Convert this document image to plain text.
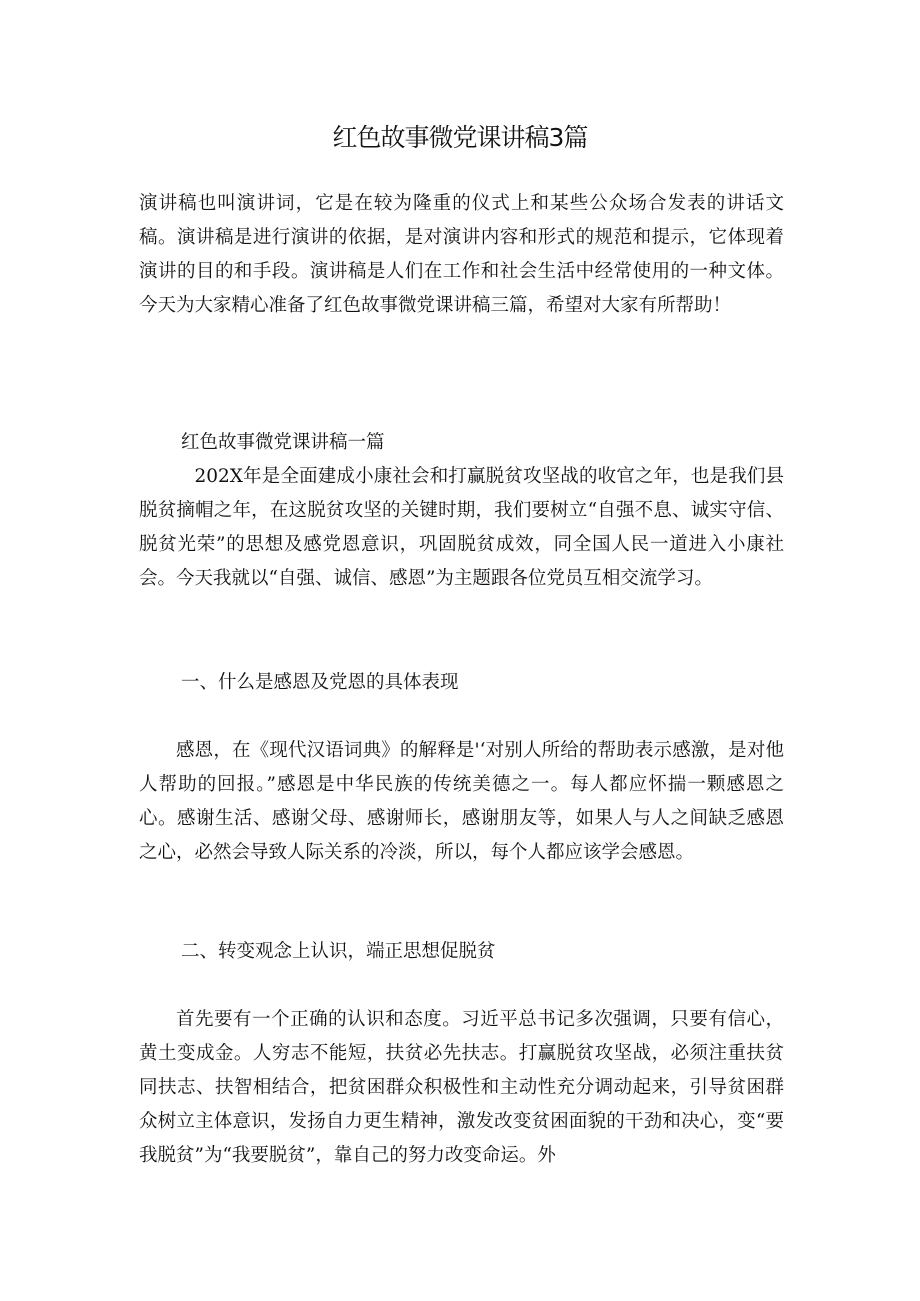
红色故事微党课讲稿3篇

演讲稿也叫演讲词，它是在较为隆重的仪式上和某些公众场合发表的讲话文稿。演讲稿是进行演讲的依据，是对演讲内容和形式的规范和提示，它体现着演讲的目的和手段。演讲稿是人们在工作和社会生活中经常使用的一种文体。今天为大家精心准备了红色故事微党课讲稿三篇，希望对大家有所帮助！

红色故事微党课讲稿一篇

202X年是全面建成小康社会和打赢脱贫攻坚战的收官之年，也是我们县脱贫摘帽之年，在这脱贫攻坚的关键时期，我们要树立“自强不息、诚实守信、脱贫光荣”的思想及感党恩意识，巩固脱贫成效，同全国人民一道进入小康社会。今天我就以“自强、诚信、感恩”为主题跟各位党员互相交流学习。

一、什么是感恩及党恩的具体表现

感恩，在《现代汉语词典》的解释是'‘对别人所给的帮助表示感激，是对他人帮助的回报。”感恩是中华民族的传统美德之一。每人都应怀揣一颗感恩之心。感谢生活、感谢父母、感谢师长，感谢朋友等，如果人与人之间缺乏感恩之心，必然会导致人际关系的冷淡，所以，每个人都应该学会感恩。

二、转变观念上认识，端正思想促脱贫

首先要有一个正确的认识和态度。习近平总书记多次强调，只要有信心，黄土变成金。人穷志不能短，扶贫必先扶志。打赢脱贫攻坚战，必须注重扶贫同扶志、扶智相结合，把贫困群众积极性和主动性充分调动起来，引导贫困群众树立主体意识，发扬自力更生精神，激发改变贫困面貌的干劲和决心，变“要我脱贫”为“我要脱贫”，靠自己的努力改变命运。外
